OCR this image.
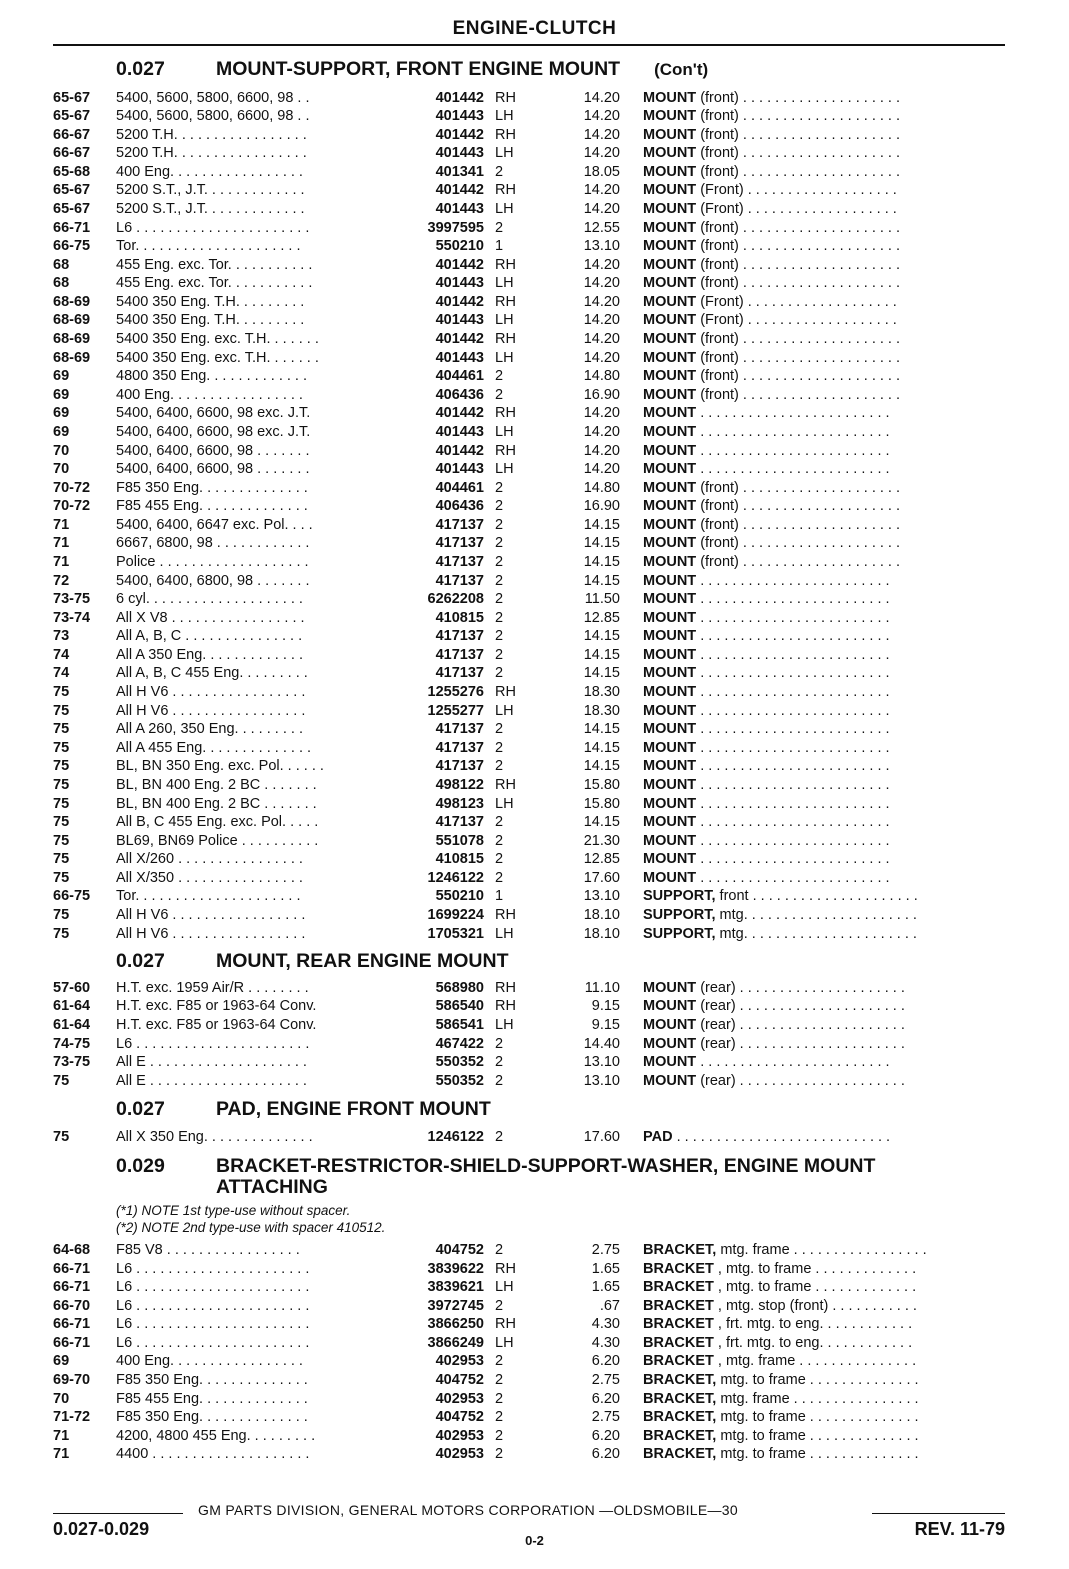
ENGINE-CLUTCH
0.027	MOUNT-SUPPORT, FRONT ENGINE MOUNT (Con't)
65-67 5400, 5600, 5800, 6600, 98 . .	401442 RH	14.20 MOUNT (front) . . . . . . . . . . . . . . . . . . . .
65-67 5400, 5600, 5800, 6600, 98 . .	401443 LH	14.20 MOUNT (front) . . . . . . . . . . . . . . . . . . . .
66-67 5200 T.H. . . . . . . . . . . . . . . . .	401442 RH	14.20 MOUNT (front) . . . . . . . . . . . . . . . . . . . .
66-67 5200 T.H. . . . . . . . . . . . . . . . .	401443 LH	14.20 MOUNT (front) . . . . . . . . . . . . . . . . . . . .
65-68 400 Eng. . . . . . . . . . . . . . . . .	401341 2	18.05 MOUNT (front) . . . . . . . . . . . . . . . . . . . .
65-67 5200 S.T., J.T. . . . . . . . . . . . .	401442 RH	14.20 MOUNT (Front) . . . . . . . . . . . . . . . . . . .
65-67 5200 S.T., J.T. . . . . . . . . . . . .	401443 LH	14.20 MOUNT (Front) . . . . . . . . . . . . . . . . . . .
66-71 L6 . . . . . . . . . . . . . . . . . . . . . .	3997595 2	12.55 MOUNT (front) . . . . . . . . . . . . . . . . . . . .
66-75 Tor. . . . . . . . . . . . . . . . . . . . .	550210 1	13.10 MOUNT (front) . . . . . . . . . . . . . . . . . . . .
68	455 Eng. exc. Tor. . . . . . . . . . .	401442 RH	14.20 MOUNT (front) . . . . . . . . . . . . . . . . . . . .
68	455 Eng. exc. Tor. . . . . . . . . . .	401443 LH	14.20 MOUNT (front) . . . . . . . . . . . . . . . . . . . .
68-69 5400 350 Eng. T.H. . . . . . . . .	401442 RH	14.20 MOUNT (Front) . . . . . . . . . . . . . . . . . . .
68-69 5400 350 Eng. T.H. . . . . . . . .	401443 LH	14.20 MOUNT (Front) . . . . . . . . . . . . . . . . . . .
68-69 5400 350 Eng. exc. T.H. . . . . . .	401442 RH	14.20 MOUNT (front) . . . . . . . . . . . . . . . . . . . .
68-69 5400 350 Eng. exc. T.H. . . . . . .	401443 LH	14.20 MOUNT (front) . . . . . . . . . . . . . . . . . . . .
69	4800 350 Eng. . . . . . . . . . . . .	404461 2	14.80 MOUNT (front) . . . . . . . . . . . . . . . . . . . .
69	400 Eng. . . . . . . . . . . . . . . . .	406436 2	16.90 MOUNT (front) . . . . . . . . . . . . . . . . . . . .
69	5400, 6400, 6600, 98 exc. J.T.	401442 RH	14.20 MOUNT . . . . . . . . . . . . . . . . . . . . . . . .
69	5400, 6400, 6600, 98 exc. J.T.	401443 LH	14.20 MOUNT . . . . . . . . . . . . . . . . . . . . . . . .
70	5400, 6400, 6600, 98 . . . . . . .	401442 RH	14.20 MOUNT . . . . . . . . . . . . . . . . . . . . . . . .
70	5400, 6400, 6600, 98 . . . . . . .	401443 LH	14.20 MOUNT . . . . . . . . . . . . . . . . . . . . . . . .
70-72 F85 350 Eng. . . . . . . . . . . . . .	404461 2	14.80 MOUNT (front) . . . . . . . . . . . . . . . . . . . .
70-72 F85 455 Eng. . . . . . . . . . . . . .	406436 2	16.90 MOUNT (front) . . . . . . . . . . . . . . . . . . . .
71	5400, 6400, 6647 exc. Pol. . . .	417137 2	14.15 MOUNT (front) . . . . . . . . . . . . . . . . . . . .
71	6667, 6800, 98 . . . . . . . . . . . .	417137 2	14.15 MOUNT (front) . . . . . . . . . . . . . . . . . . . .
71	Police . . . . . . . . . . . . . . . . . . .	417137 2	14.15 MOUNT (front) . . . . . . . . . . . . . . . . . . . .
72	5400, 6400, 6800, 98 . . . . . . .	417137 2	14.15 MOUNT . . . . . . . . . . . . . . . . . . . . . . . .
73-75 6 cyl. . . . . . . . . . . . . . . . . . . .	6262208 2	11.50 MOUNT . . . . . . . . . . . . . . . . . . . . . . . .
73-74 All X V8 . . . . . . . . . . . . . . . . .	410815 2	12.85 MOUNT . . . . . . . . . . . . . . . . . . . . . . . .
73	All A, B, C . . . . . . . . . . . . . . .	417137 2	14.15 MOUNT . . . . . . . . . . . . . . . . . . . . . . . .
74	All A 350 Eng. . . . . . . . . . . . .	417137 2	14.15 MOUNT . . . . . . . . . . . . . . . . . . . . . . . .
74	All A, B, C 455 Eng. . . . . . . . .	417137 2	14.15 MOUNT . . . . . . . . . . . . . . . . . . . . . . . .
75	All H V6 . . . . . . . . . . . . . . . . .	1255276 RH	18.30 MOUNT . . . . . . . . . . . . . . . . . . . . . . . .
75	All H V6 . . . . . . . . . . . . . . . . .	1255277 LH	18.30 MOUNT . . . . . . . . . . . . . . . . . . . . . . . .
75	All A 260, 350 Eng. . . . . . . . .	417137 2	14.15 MOUNT . . . . . . . . . . . . . . . . . . . . . . . .
75	All A 455 Eng. . . . . . . . . . . . . .	417137 2	14.15 MOUNT . . . . . . . . . . . . . . . . . . . . . . . .
75	BL, BN 350 Eng. exc. Pol. . . . . .	417137 2	14.15 MOUNT . . . . . . . . . . . . . . . . . . . . . . . .
75	BL, BN 400 Eng. 2 BC . . . . . . .	498122 RH	15.80 MOUNT . . . . . . . . . . . . . . . . . . . . . . . .
75	BL, BN 400 Eng. 2 BC . . . . . . .	498123 LH	15.80 MOUNT . . . . . . . . . . . . . . . . . . . . . . . .
75	All B, C 455 Eng. exc. Pol. . . . .	417137 2	14.15 MOUNT . . . . . . . . . . . . . . . . . . . . . . . .
75	BL69, BN69 Police . . . . . . . . . .	551078 2	21.30 MOUNT . . . . . . . . . . . . . . . . . . . . . . . .
75	All X/260 . . . . . . . . . . . . . . . .	410815 2	12.85 MOUNT . . . . . . . . . . . . . . . . . . . . . . . .
75	All X/350 . . . . . . . . . . . . . . . .	1246122 2	17.60 MOUNT . . . . . . . . . . . . . . . . . . . . . . . .
66-75 Tor. . . . . . . . . . . . . . . . . . . . .	550210 1	13.10 SUPPORT, front . . . . . . . . . . . . . . . . . . . . .
75	All H V6 . . . . . . . . . . . . . . . . .	1699224 RH	18.10 SUPPORT, mtg. . . . . . . . . . . . . . . . . . . . . .
75	All H V6 . . . . . . . . . . . . . . . . .	1705321 LH	18.10 SUPPORT, mtg. . . . . . . . . . . . . . . . . . . . . .
0.027	MOUNT, REAR ENGINE MOUNT
57-60 H.T. exc. 1959 Air/R . . . . . . . .	568980 RH	11.10 MOUNT (rear) . . . . . . . . . . . . . . . . . . . . .
61-64 H.T. exc. F85 or 1963-64 Conv.	586540 RH	9.15 MOUNT (rear) . . . . . . . . . . . . . . . . . . . . .
61-64 H.T. exc. F85 or 1963-64 Conv.	586541 LH	9.15 MOUNT (rear) . . . . . . . . . . . . . . . . . . . . .
74-75 L6 . . . . . . . . . . . . . . . . . . . . . .	467422 2	14.40 MOUNT (rear) . . . . . . . . . . . . . . . . . . . . .
73-75 All E . . . . . . . . . . . . . . . . . . . .	550352 2	13.10 MOUNT . . . . . . . . . . . . . . . . . . . . . . . .
75	All E . . . . . . . . . . . . . . . . . . . .	550352 2	13.10 MOUNT (rear) . . . . . . . . . . . . . . . . . . . . .
0.027	PAD, ENGINE FRONT MOUNT
75	All X 350 Eng. . . . . . . . . . . . . .	1246122 2	17.60 PAD . . . . . . . . . . . . . . . . . . . . . . . . . . .
0.029	BRACKET-RESTRICTOR-SHIELD-SUPPORT-WASHER, ENGINE MOUNT
ATTACHING
(*1) NOTE 1st type-use without spacer.
(*2) NOTE 2nd type-use with spacer 410512.
64-68 F85 V8 . . . . . . . . . . . . . . . . .	404752 2	2.75 BRACKET, mtg. frame . . . . . . . . . . . . . . . . .
66-71 L6 . . . . . . . . . . . . . . . . . . . . . .	3839622 RH	1.65 BRACKET , mtg. to frame . . . . . . . . . . . . .
66-71 L6 . . . . . . . . . . . . . . . . . . . . . .	3839621 LH	1.65 BRACKET , mtg. to frame . . . . . . . . . . . . .
66-70 L6 . . . . . . . . . . . . . . . . . . . . . .	3972745 2	.67 BRACKET , mtg. stop (front) . . . . . . . . . . .
66-71 L6 . . . . . . . . . . . . . . . . . . . . . .	3866250 RH	4.30 BRACKET , frt. mtg. to eng. . . . . . . . . . . .
66-71 L6 . . . . . . . . . . . . . . . . . . . . . .	3866249 LH	4.30 BRACKET , frt. mtg. to eng. . . . . . . . . . . .
69	400 Eng. . . . . . . . . . . . . . . . .	402953 2	6.20 BRACKET , mtg. frame . . . . . . . . . . . . . . .
69-70 F85 350 Eng. . . . . . . . . . . . . .	404752 2	2.75 BRACKET, mtg. to frame . . . . . . . . . . . . . .
70	F85 455 Eng. . . . . . . . . . . . . .	402953 2	6.20 BRACKET, mtg. frame . . . . . . . . . . . . . . . .
71-72 F85 350 Eng. . . . . . . . . . . . . .	404752 2	2.75 BRACKET, mtg. to frame . . . . . . . . . . . . . .
71	4200, 4800 455 Eng. . . . . . . . .	402953 2	6.20 BRACKET, mtg. to frame . . . . . . . . . . . . . .
71	4400 . . . . . . . . . . . . . . . . . . . .	402953 2	6.20 BRACKET, mtg. to frame . . . . . . . . . . . . . .
GM PARTS DIVISION, GENERAL MOTORS CORPORATION —OLDSMOBILE—30
0.027-0.029
0-2
REV. 11-79
